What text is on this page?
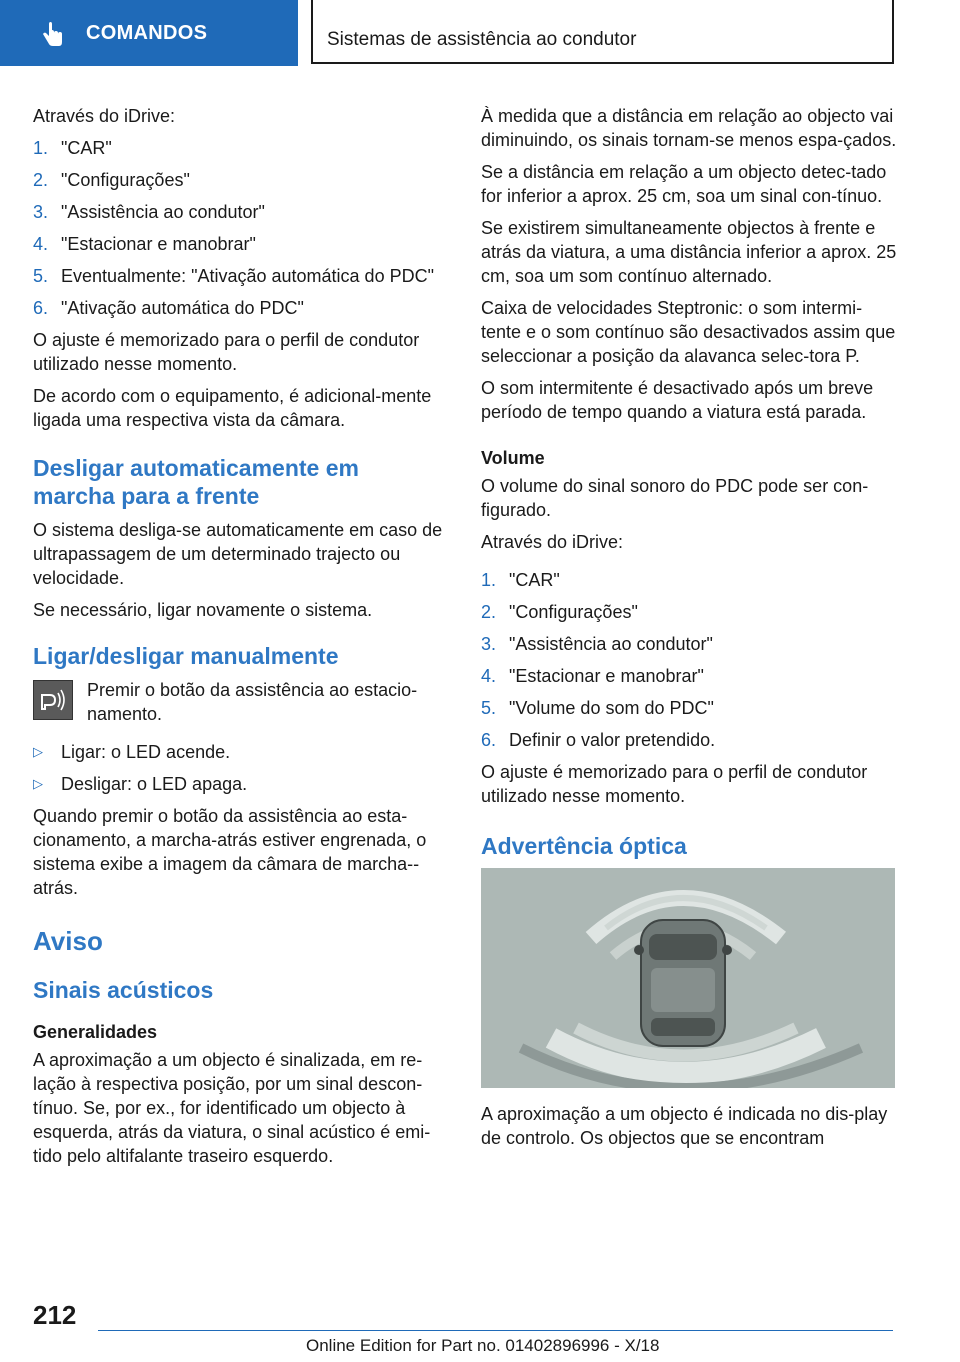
COMANDOS	Sistemas de assistência ao condutor

Através do iDrive:

1. "CAR"
2. "Configurações"
3. "Assistência ao condutor"
4. "Estacionar e manobrar"
5. Eventualmente: "Ativação automática do PDC"
6. "Ativação automática do PDC"

O ajuste é memorizado para o perfil de condutor utilizado nesse momento.

De acordo com o equipamento, é adicional-mente ligada uma respectiva vista da câmara.

Desligar automaticamente em marcha para a frente

O sistema desliga-se automaticamente em caso de ultrapassagem de um determinado trajecto ou velocidade.

Se necessário, ligar novamente o sistema.

Ligar/desligar manualmente
Premir o botão da assistência ao estacio-namento.
▷ Ligar: o LED acende.
▷ Desligar: o LED apaga.

Quando premir o botão da assistência ao esta-cionamento, a marcha-atrás estiver engrenada, o sistema exibe a imagem da câmara de marcha--atrás.

Aviso
Sinais acústicos
Generalidades

A aproximação a um objecto é sinalizada, em re-lação à respectiva posição, por um sinal descon-tínuo. Se, por ex., for identificado um objecto à esquerda, atrás da viatura, o sinal acústico é emi-tido pelo altifalante traseiro esquerdo.

À medida que a distância em relação ao objecto vai diminuindo, os sinais tornam-se menos espa-çados.

Se a distância em relação a um objecto detec-tado for inferior a aprox. 25 cm, soa um sinal con-tínuo.

Se existirem simultaneamente objectos à frente e atrás da viatura, a uma distância inferior a aprox. 25 cm, soa um som contínuo alternado.

Caixa de velocidades Steptronic: o som intermi-tente e o som contínuo são desactivados assim que seleccionar a posição da alavanca selec-tora P.

O som intermitente é desactivado após um breve período de tempo quando a viatura está parada.

Volume

O volume do sinal sonoro do PDC pode ser con-figurado.

Através do iDrive:

1. "CAR"
2. "Configurações"
3. "Assistência ao condutor"
4. "Estacionar e manobrar"
5. "Volume do som do PDC"
6. Definir o valor pretendido.

O ajuste é memorizado para o perfil de condutor utilizado nesse momento.

Advertência óptica

A aproximação a um objecto é indicada no dis-play de controlo. Os objectos que se encontram

212
Online Edition for Part no. 01402896996 - X/18
